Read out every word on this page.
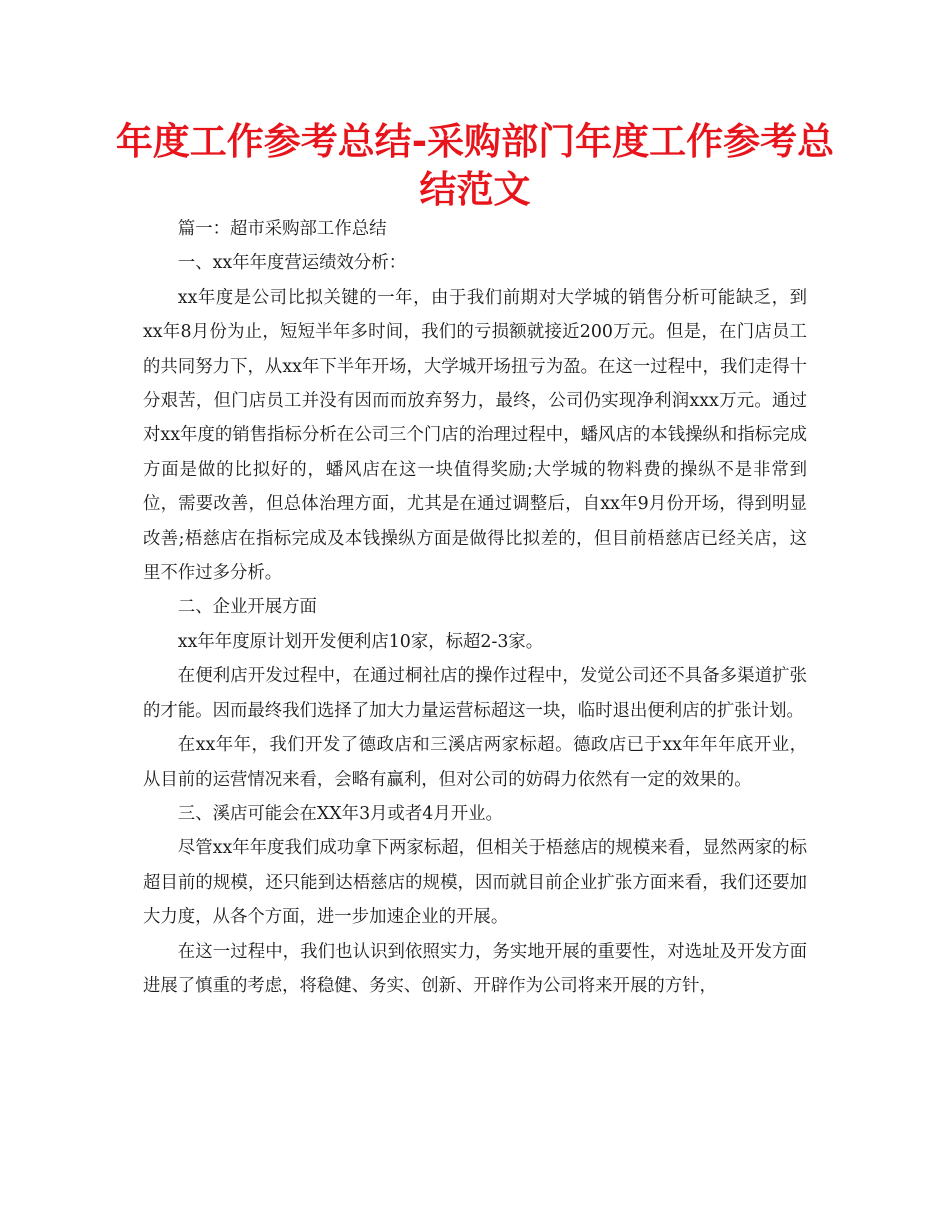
年度工作参考总结-采购部门年度工作参考总结范文

篇一：超市采购部工作总结

一、xx年年度营运绩效分析：

xx年度是公司比拟关键的一年，由于我们前期对大学城的销售分析可能缺乏，到xx年8月份为止，短短半年多时间，我们的亏损额就接近200万元。但是，在门店员工的共同努力下，从xx年下半年开场，大学城开场扭亏为盈。在这一过程中，我们走得十分艰苦，但门店员工并没有因而而放弃努力，最终，公司仍实现净利润xxx万元。通过对xx年度的销售指标分析在公司三个门店的治理过程中，蟠风店的本钱操纵和指标完成方面是做的比拟好的，蟠风店在这一块值得奖励;大学城的物料费的操纵不是非常到位，需要改善，但总体治理方面，尤其是在通过调整后，自xx年9月份开场，得到明显改善;梧慈店在指标完成及本钱操纵方面是做得比拟差的，但目前梧慈店已经关店，这里不作过多分析。

二、企业开展方面

xx年年度原计划开发便利店10家，标超2-3家。

在便利店开发过程中，在通过桐社店的操作过程中，发觉公司还不具备多渠道扩张的才能。因而最终我们选择了加大力量运营标超这一块，临时退出便利店的扩张计划。

在xx年年，我们开发了德政店和三溪店两家标超。德政店已于xx年年年底开业，从目前的运营情况来看，会略有赢利，但对公司的妨碍力依然有一定的效果的。

三、溪店可能会在XX年3月或者4月开业。

尽管xx年年度我们成功拿下两家标超，但相关于梧慈店的规模来看，显然两家的标超目前的规模，还只能到达梧慈店的规模，因而就目前企业扩张方面来看，我们还要加大力度，从各个方面，进一步加速企业的开展。

在这一过程中，我们也认识到依照实力，务实地开展的重要性，对选址及开发方面进展了慎重的考虑，将稳健、务实、创新、开辟作为公司将来开展的方针，
